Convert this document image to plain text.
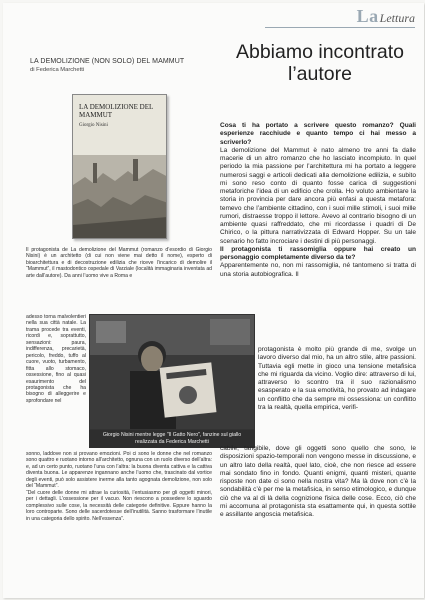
La Lettura
LA DEMOLIZIONE (NON SOLO) DEL MAMMUT
di Federica Marchetti
Abbiamo incontrato l’autore
LA DEMOLIZIONE DEL MAMMUT
Giorgio Nisini

Il protagonista de La demolizione del Mammut (romanzo d’esordio di Giorgio Nisini) è un architetto (di cui non viene mai detto il nome), esperto di bioarchitettura e di decostruzione edilizia che riceve l’incarico di demolire il “Mammut”, il mastodontico ospedale di Varziale (località immaginaria inventata ad arte dall’autore). Da anni l’uomo vive a Roma e

adesso torna malvolentieri nella sua città natale. La trama procede tra eventi, ricordi e, soprattutto, sensazioni: paura, indifferenza, precarietà, pericolo, freddo, tuffo al cuore, vuoto, turbamento, fitta allo stomaco, ossessione, fino al quasi esaurimento del protagonista che ha bisogno di alleggerire e sprofondare nel

Giorgio Nisini mentre legge "Il Gatto Nero", fanzine sul giallo realizzata da Federica Marchetti

sonno, laddove non si provano emozioni. Poi ci sono le donne che nel romanzo sono quattro e ruotano intorno all’architetto, ognuna con un ruolo diverso dell’altra: e, ad un certo punto, ruotano l’una con l’altra: la buona diventa cattiva e la cattiva diventa buona. Le apparenze ingannano anche l’uomo che, trascinato dal vortice degli eventi, può solo assistere inerme alla tanto agognata demolizione, non solo del “Mammut”.

“Del cuore delle donne mi attrae la curiosità, l’entusiasmo per gli oggetti minori, per i dettagli. L’ossessione per il vacuo. Non riescono a possedere lo sguardo complessivo sulle cose, la necessità delle categorie definitive. Eppure hanno la loro controparte. Sono delle sacerdotesse dell’inutilità. Sanno trasformare l’inutile in una categoria dello spirito. Nell’essenza”.

Cosa ti ha portato a scrivere questo romanzo? Quali esperienze racchiude e quanto tempo ci hai messo a scriverlo?

La demolizione del Mammut è nato almeno tre anni fa dalle macerie di un altro romanzo che ho lasciato incompiuto. In quel periodo la mia passione per l’architettura mi ha portato a leggere numerosi saggi e articoli dedicati alla demolizione edilizia, e subito mi sono reso conto di quanto fosse carica di suggestioni metaforiche l’idea di un edificio che crolla. Ho voluto ambientare la storia in provincia per dare ancora più enfasi a questa metafora: temevo che l’ambiente cittadino, con i suoi mille stimoli, i suoi mille rumori, distraesse troppo il lettore. Avevo al contrario bisogno di un ambiente quasi raffreddato, che mi ricordasse i quadri di De Chirico, o la pittura narrativizzata di Edward Hopper. Su un tale scenario ho fatto incrociare i destini di più personaggi.

Il protagonista ti rassomiglia oppure hai creato un personaggio completamente diverso da te?

Apparentemente no, non mi rassomiglia, né tantomeno si tratta di una storia autobiografica. Il

protagonista è molto più grande di me, svolge un lavoro diverso dal mio, ha un altro stile, altre passioni. Tuttavia egli mette in gioco una tensione metafisica che mi riguarda da vicino. Voglio dire: attraverso di lui, attraverso lo scontro tra il suo razionalismo esasperato e la sua emotività, ho provato ad indagare un conflitto che da sempre mi ossessiona: un conflitto tra la realtà, quella empirica, verifi-

cabile, tangibile, dove gli oggetti sono quello che sono, le disposizioni spazio-temporali non vengono messe in discussione, e un altro lato della realtà, quel lato, cioè, che non riesce ad essere mai sondato fino in fondo. Quanti enigmi, quanti misteri, quante risposte non date ci sono nella nostra vita? Ma là dove non c’è la sondabilità c’è per me la metafisica, in senso etimologico, e dunque ciò che va al di là della cognizione fisica delle cose. Ecco, ciò che mi accomuna al protagonista sta esattamente qui, in questa sottile e assillante angoscia metafisica.
